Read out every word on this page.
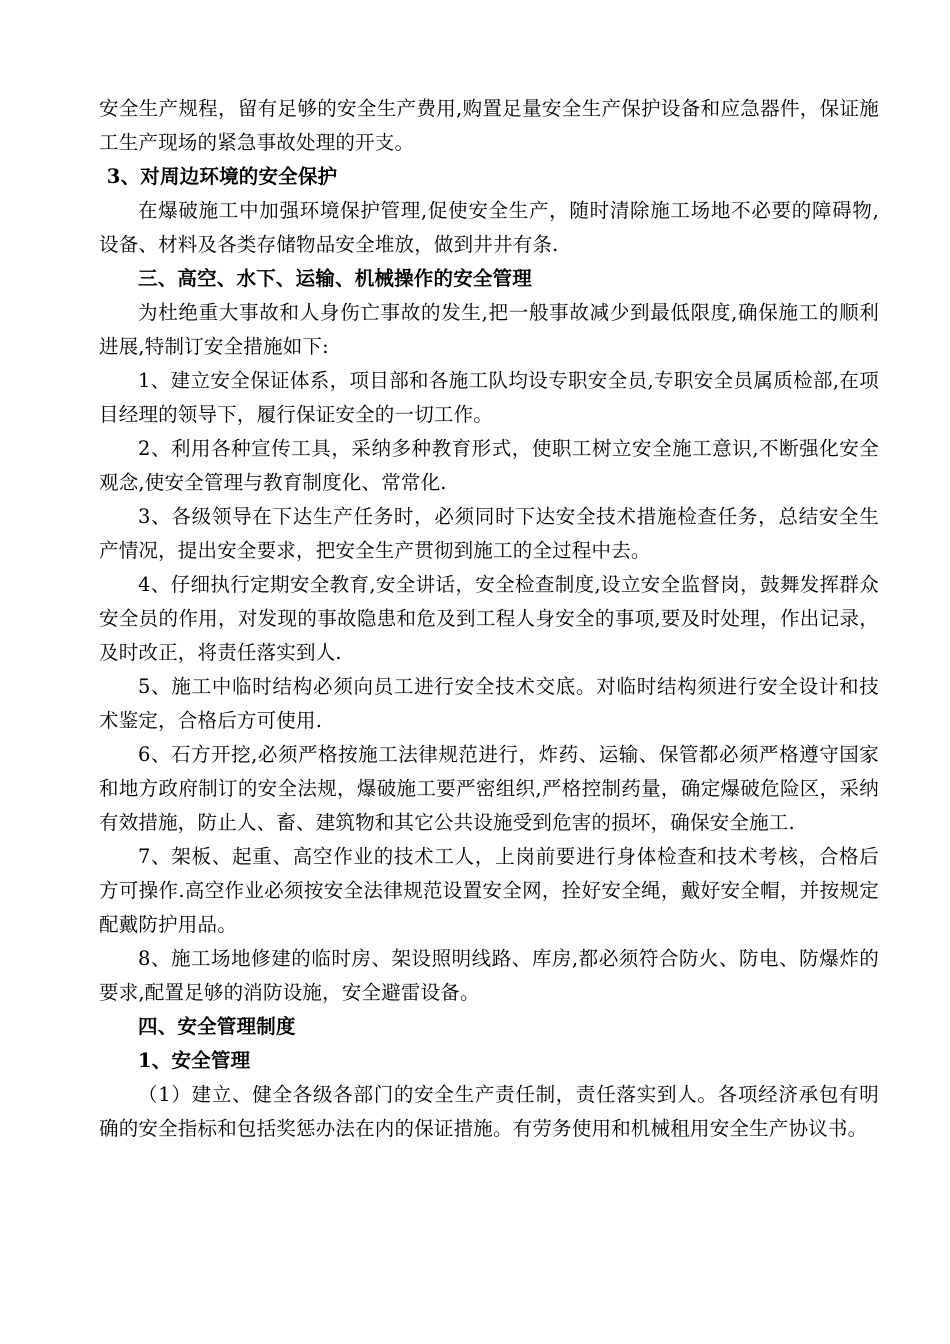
安全生产规程，留有足够的安全生产费用,购置足量安全生产保护设备和应急器件，保证施工生产现场的紧急事故处理的开支。

3、对周边环境的安全保护

在爆破施工中加强环境保护管理,促使安全生产，随时清除施工场地不必要的障碍物,设备、材料及各类存储物品安全堆放，做到井井有条.

三、高空、水下、运输、机械操作的安全管理

为杜绝重大事故和人身伤亡事故的发生,把一般事故减少到最低限度,确保施工的顺利进展,特制订安全措施如下:

1、建立安全保证体系，项目部和各施工队均设专职安全员,专职安全员属质检部,在项目经理的领导下，履行保证安全的一切工作。

2、利用各种宣传工具，采纳多种教育形式，使职工树立安全施工意识,不断强化安全观念,使安全管理与教育制度化、常常化.

3、各级领导在下达生产任务时，必须同时下达安全技术措施检查任务，总结安全生产情况，提出安全要求，把安全生产贯彻到施工的全过程中去。

4、仔细执行定期安全教育,安全讲话，安全检查制度,设立安全监督岗，鼓舞发挥群众安全员的作用，对发现的事故隐患和危及到工程人身安全的事项,要及时处理，作出记录，及时改正，将责任落实到人.

5、施工中临时结构必须向员工进行安全技术交底。对临时结构须进行安全设计和技术鉴定，合格后方可使用.

6、石方开挖,必须严格按施工法律规范进行，炸药、运输、保管都必须严格遵守国家和地方政府制订的安全法规，爆破施工要严密组织,严格控制药量，确定爆破危险区，采纳有效措施，防止人、畜、建筑物和其它公共设施受到危害的损坏，确保安全施工.

7、架板、起重、高空作业的技术工人，上岗前要进行身体检查和技术考核，合格后方可操作.高空作业必须按安全法律规范设置安全网，拴好安全绳，戴好安全帽，并按规定配戴防护用品。

8、施工场地修建的临时房、架设照明线路、库房,都必须符合防火、防电、防爆炸的要求,配置足够的消防设施，安全避雷设备。

四、安全管理制度

1、安全管理

（1）建立、健全各级各部门的安全生产责任制，责任落实到人。各项经济承包有明确的安全指标和包括奖惩办法在内的保证措施。有劳务使用和机械租用安全生产协议书。
